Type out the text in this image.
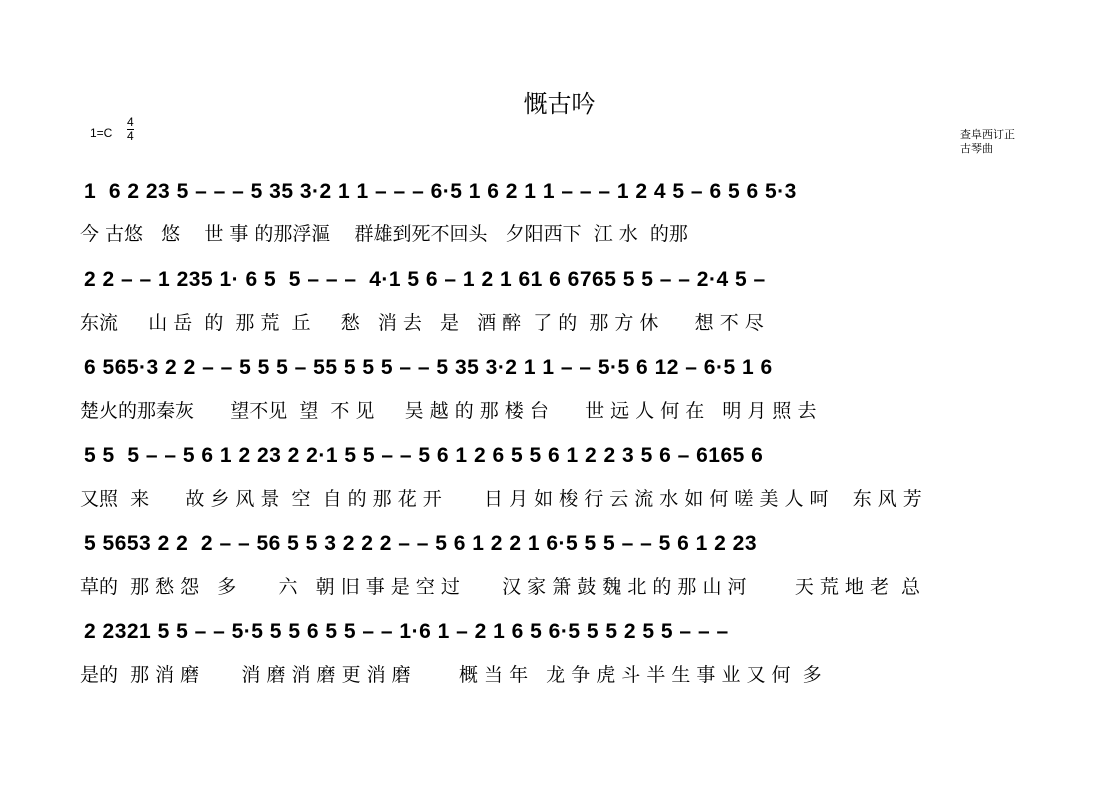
慨古吟
1=C
4
4	查阜西订正
古琴曲
1  6 2 23 5 – – – 5 35 3·2 1 1 – – – 6·5 1 6 2 1 1 – – – 1 2 4 5 – 6 5 6 5·3
今 古悠   悠    世 事 的那浮漚    群雄到死不回头   夕阳西下  江 水  的那
2 2 – – 1 235 1· 6 5  5 – – –  4·1 5 6 – 1 2 1 61 6 6765 5 5 – – 2·4 5 –
东流     山 岳  的  那 荒  丘     愁   消 去   是   酒 醉  了 的  那 方 休      想 不 尽
6 565·3 2 2 – – 5 5 5 – 55 5 5 5 – – 5 35 3·2 1 1 – – 5·5 6 12 – 6·5 1 6
楚火的那秦灰      望不见  望  不 见     吴 越 的 那 楼 台      世 远 人 何 在   明 月 照 去
5 5  5 – – 5 6 1 2 23 2 2·1 5 5 – – 5 6 1 2 6 5 5 6 1 2 2 3 5 6 – 6165 6
又照  来      故 乡 风 景  空  自 的 那 花 开       日 月 如 梭 行 云 流 水 如 何 嗟 美 人 呵    东 风 芳
5 5653 2 2  2 – – 56 5 5 3 2 2 2 – – 5 6 1 2 2 1 6·5 5 5 – – 5 6 1 2 23
草的  那 愁 怨   多       六   朝 旧 事 是 空 过       汉 家 箫 鼓 魏 北 的 那 山 河        天 荒 地 老  总
2 2321 5 5 – – 5·5 5 5 6 5 5 – – 1·6 1 – 2 1 6 5 6·5 5 5 2 5 5 – – –
是的  那 消 磨       消 磨 消 磨 更 消 磨        概 当 年   龙 争 虎 斗 半 生 事 业 又 何  多
